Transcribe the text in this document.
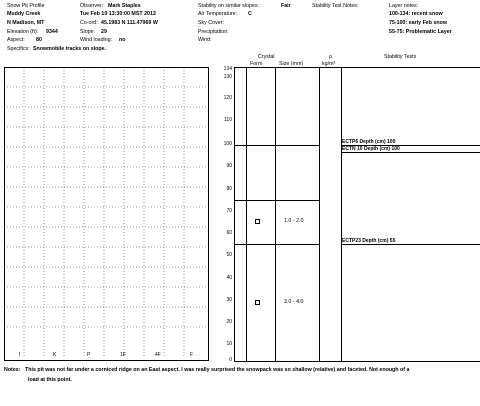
Snow Pit Profile
Muddy Creek
N Madison, MT
Elevation (ft): 9344
Aspect: 80
Specifics: Snowmobile tracks on slope.
Observer: Mark Staples
Tue Feb 19 13:30:00 MST 2013
Co-ord: 45.1983 N 111.47969 W
Slope: 29
Wind loading: no
Stability on similar slopes:	Fair
Air Temperature: C
Sky Cover:
Precipitation:
Wind:
Stability Test Notes:	Layer notes:
100-134: recent snow
75-100: early Feb snow
55-75: Problematic Layer
Crystal
Form	Size (mm)
ρ
kg/m³
Stability Tests
I	K	P	1F	4F	F
134
130
120
110
100
90
80
70
60
50
40
30
20
10
0
1.0 - 2.0
3.0 - 4.0
ECTP6 Depth (cm) 100
ECTN 10 Depth (cm) 100
ECTP23 Depth (cm) 55
Notes: This pit was not far under a corniced ridge on an East aspect. I was really surprised the snowpack was so shallow (relative) and faceted. Not enough of a
load at this point.
